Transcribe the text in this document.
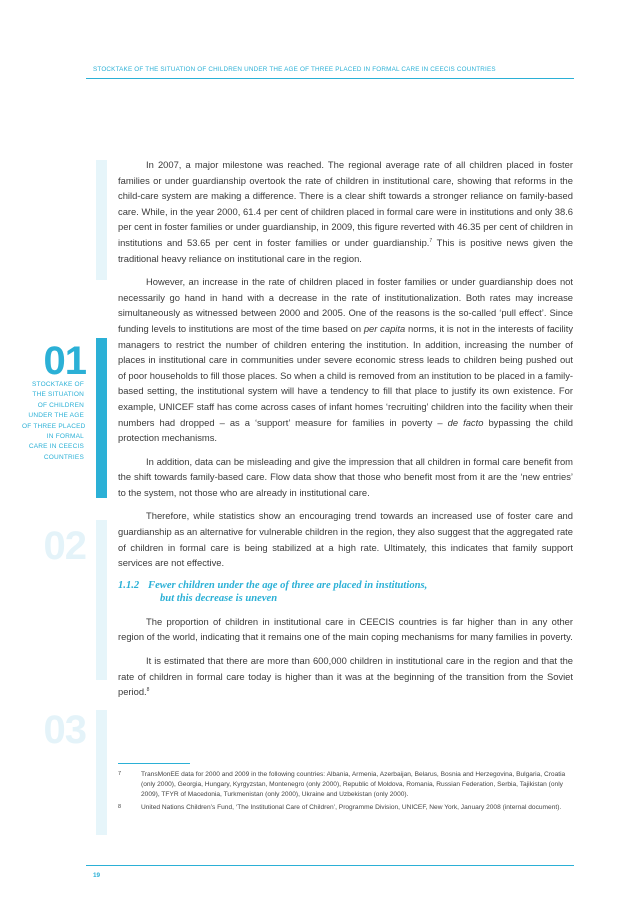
STOCKTAKE OF THE SITUATION OF CHILDREN UNDER THE AGE OF THREE PLACED IN FORMAL CARE IN CEECIS COUNTRIES
01
STOCKTAKE OF
THE SITUATION
OF CHILDREN
UNDER THE AGE
OF THREE PLACED
IN FORMAL
CARE IN CEECIS
COUNTRIES
02
03

In 2007, a major milestone was reached. The regional average rate of all children placed in foster families or under guardianship overtook the rate of children in institutional care, showing that reforms in the child-care system are making a difference. There is a clear shift towards a stronger reliance on family-based care. While, in the year 2000, 61.4 per cent of children placed in formal care were in institutions and only 38.6 per cent in foster families or under guardianship, in 2009, this figure reverted with 46.35 per cent of children in institutions and 53.65 per cent in foster families or under guardianship.$^7$ This is positive news given the traditional heavy reliance on institutional care in the region.

However, an increase in the rate of children placed in foster families or under guardianship does not necessarily go hand in hand with a decrease in the rate of institutionalization. Both rates may increase simultaneously as witnessed between 2000 and 2005. One of the reasons is the so-called ‘pull effect’. Since funding levels to institutions are most of the time based on per capita norms, it is not in the interests of facility managers to restrict the number of children entering the institution. In addition, increasing the number of places in institutional care in communities under severe economic stress leads to children being pushed out of poor households to fill those places. So when a child is removed from an institution to be placed in a family-based setting, the institutional system will have a tendency to fill that place to justify its own existence. For example, UNICEF staff has come across cases of infant homes ‘recruiting’ children into the facility when their numbers had dropped – as a ‘support’ measure for families in poverty – de facto bypassing the child protection mechanisms.

In addition, data can be misleading and give the impression that all children in formal care benefit from the shift towards family-based care. Flow data show that those who benefit most from it are the ‘new entries’ to the system, not those who are already in institutional care.

Therefore, while statistics show an encouraging trend towards an increased use of foster care and guardianship as an alternative for vulnerable children in the region, they also suggest that the aggregated rate of children in formal care is being stabilized at a high rate. Ultimately, this indicates that family support services are not effective.

1.1.2 Fewer children under the age of three are placed in institutions,
but this decrease is uneven

The proportion of children in institutional care in CEECIS countries is far higher than in any other region of the world, indicating that it remains one of the main coping mechanisms for many families in poverty.

It is estimated that there are more than 600,000 children in institutional care in the region and that the rate of children in formal care today is higher than it was at the beginning of the transition from the Soviet period.$^8$

7	TransMonEE data for 2000 and 2009 in the following countries: Albania, Armenia, Azerbaijan, Belarus, Bosnia and Herzegovina, Bulgaria, Croatia (only 2000), Georgia, Hungary, Kyrgyzstan, Montenegro (only 2000), Republic of Moldova, Romania, Russian Federation, Serbia, Tajikistan (only 2009), TFYR of Macedonia, Turkmenistan (only 2000), Ukraine and Uzbekistan (only 2000).
8	United Nations Children’s Fund, ‘The Institutional Care of Children’, Programme Division, UNICEF, New York, January 2008 (internal document).
19
